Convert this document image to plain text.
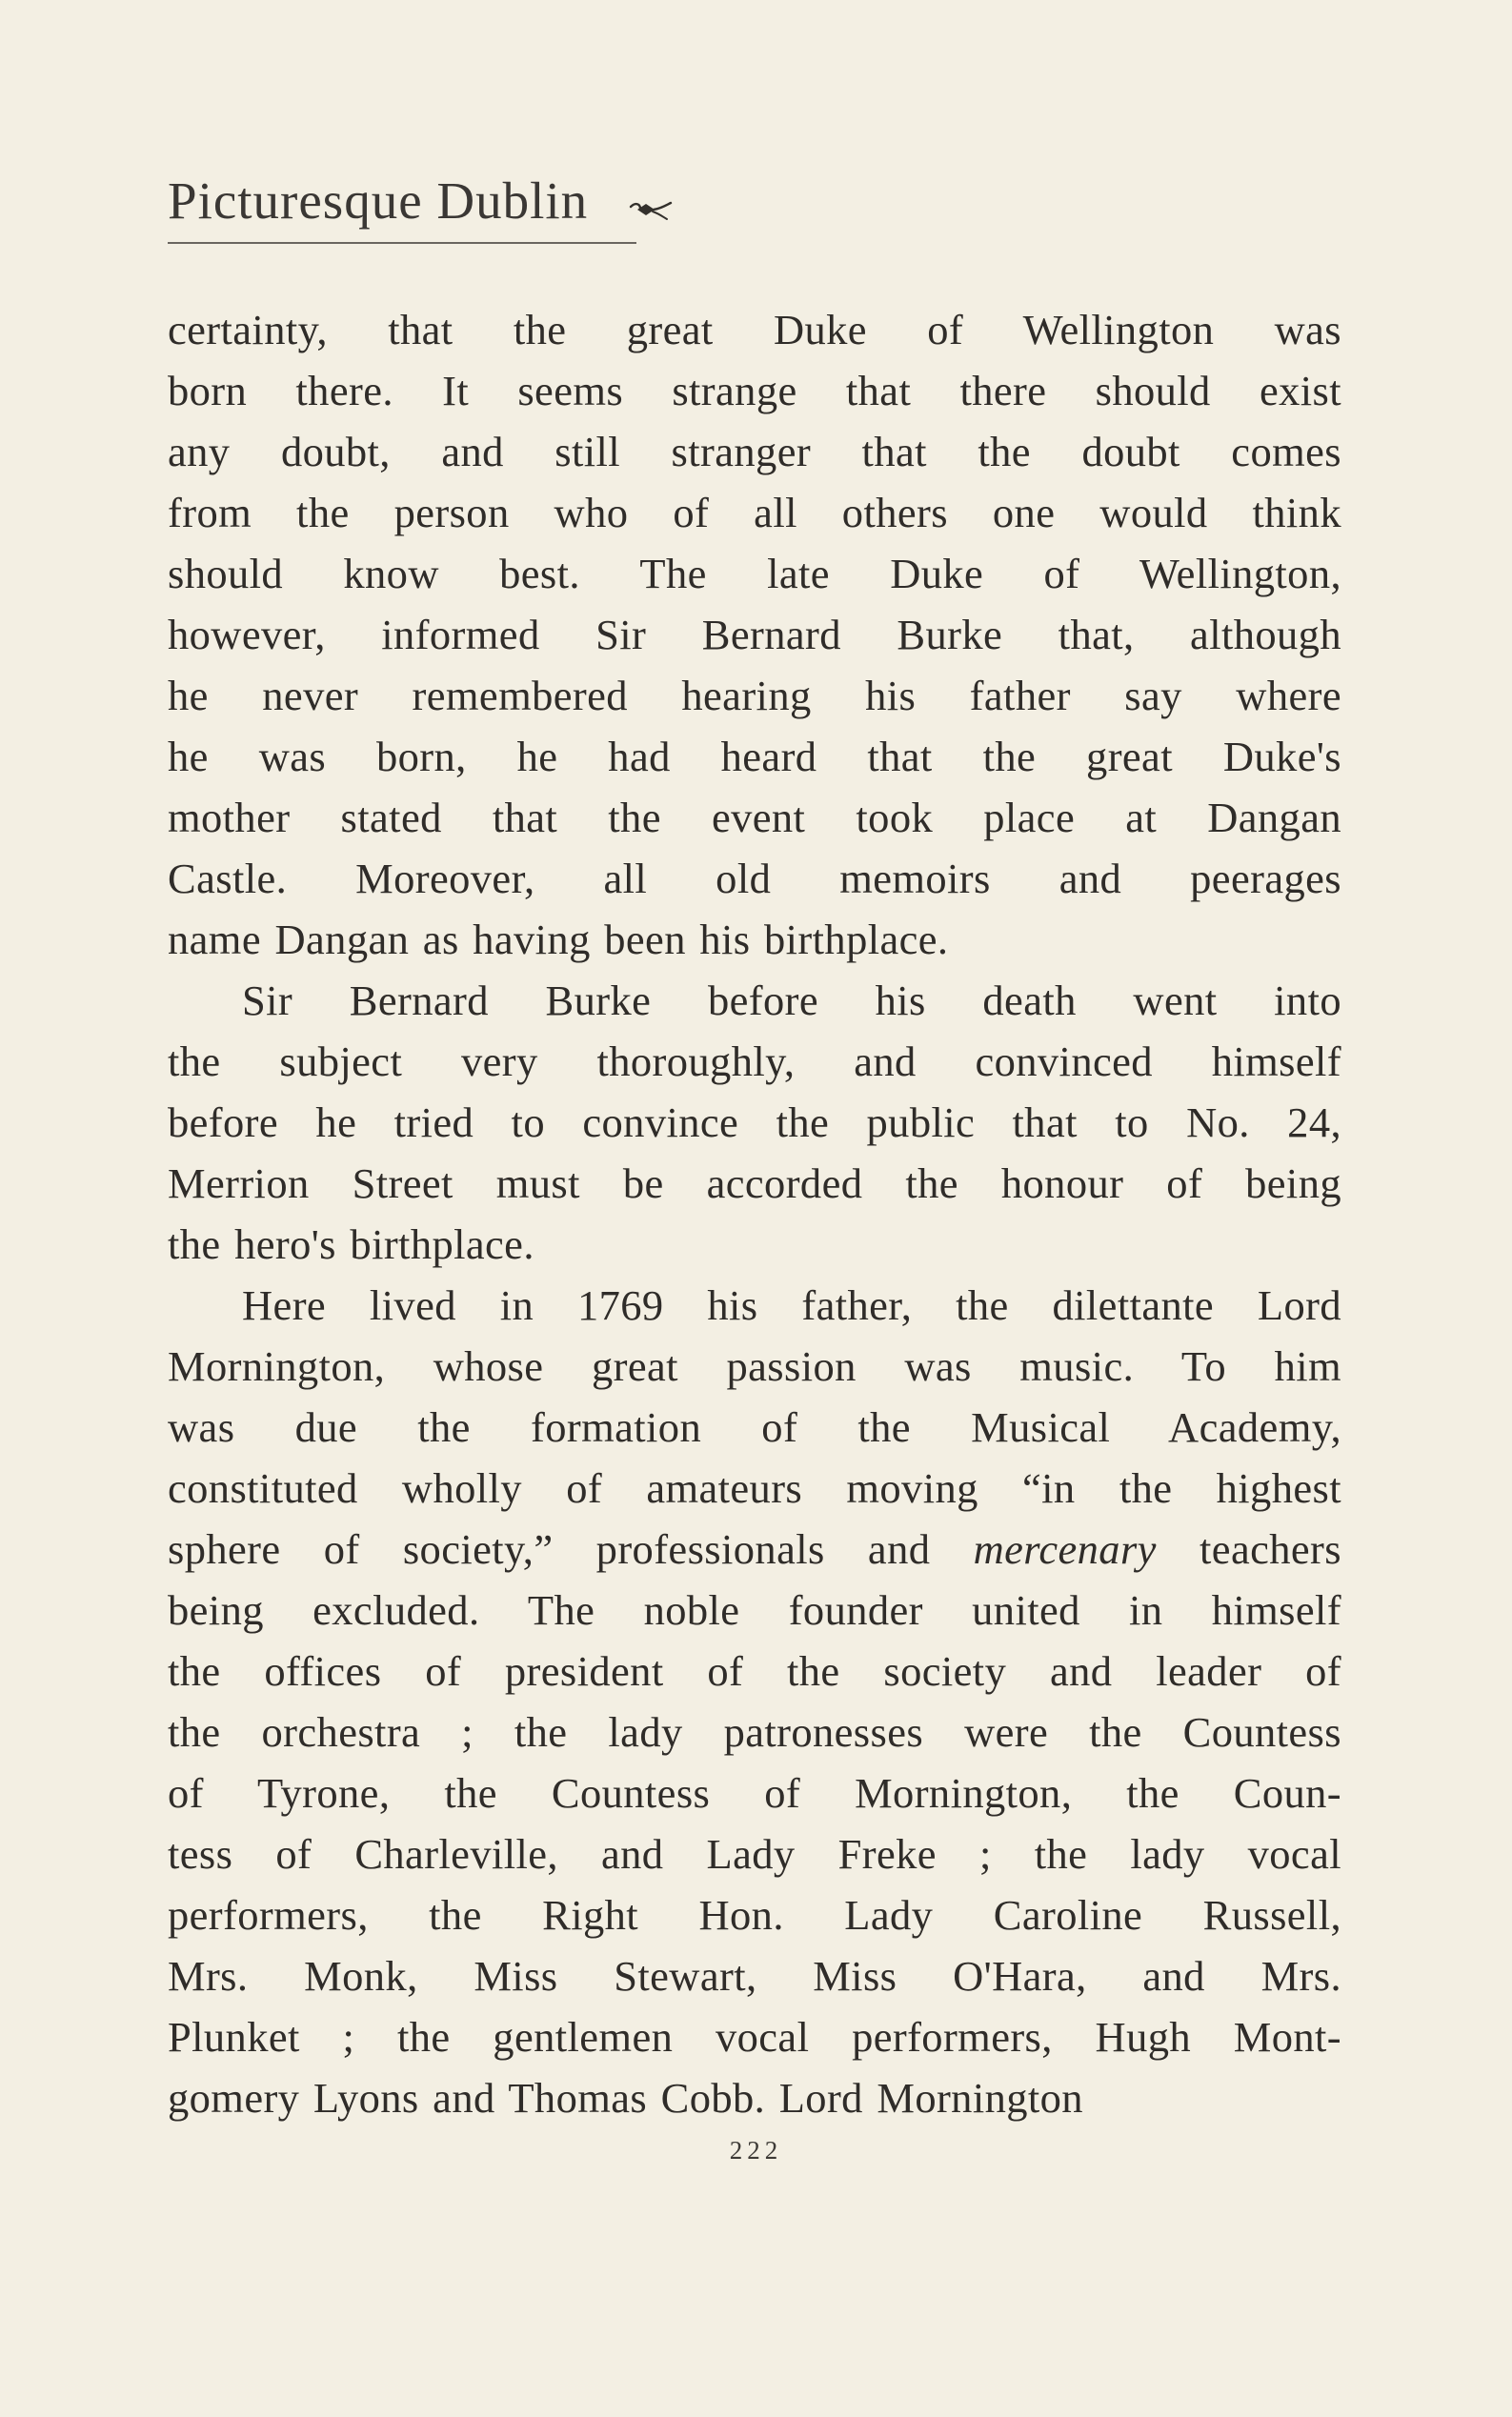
Picturesque Dublin
certainty, that the great Duke of Wellington was
born there. It seems strange that there should exist
any doubt, and still stranger that the doubt comes
from the person who of all others one would think
should know best. The late Duke of Wellington,
however, informed Sir Bernard Burke that, although
he never remembered hearing his father say where
he was born, he had heard that the great Duke's
mother stated that the event took place at Dangan
Castle. Moreover, all old memoirs and peerages
name Dangan as having been his birthplace.
Sir Bernard Burke before his death went into
the subject very thoroughly, and convinced himself
before he tried to convince the public that to No. 24,
Merrion Street must be accorded the honour of being
the hero's birthplace.
Here lived in 1769 his father, the dilettante Lord
Mornington, whose great passion was music. To him
was due the formation of the Musical Academy,
constituted wholly of amateurs moving “in the highest
sphere of society,” professionals and mercenary teachers
being excluded. The noble founder united in himself
the offices of president of the society and leader of
the orchestra ; the lady patronesses were the Countess
of Tyrone, the Countess of Mornington, the Coun-
tess of Charleville, and Lady Freke ; the lady vocal
performers, the Right Hon. Lady Caroline Russell,
Mrs. Monk, Miss Stewart, Miss O'Hara, and Mrs.
Plunket ; the gentlemen vocal performers, Hugh Mont-
gomery Lyons and Thomas Cobb. Lord Mornington
222
